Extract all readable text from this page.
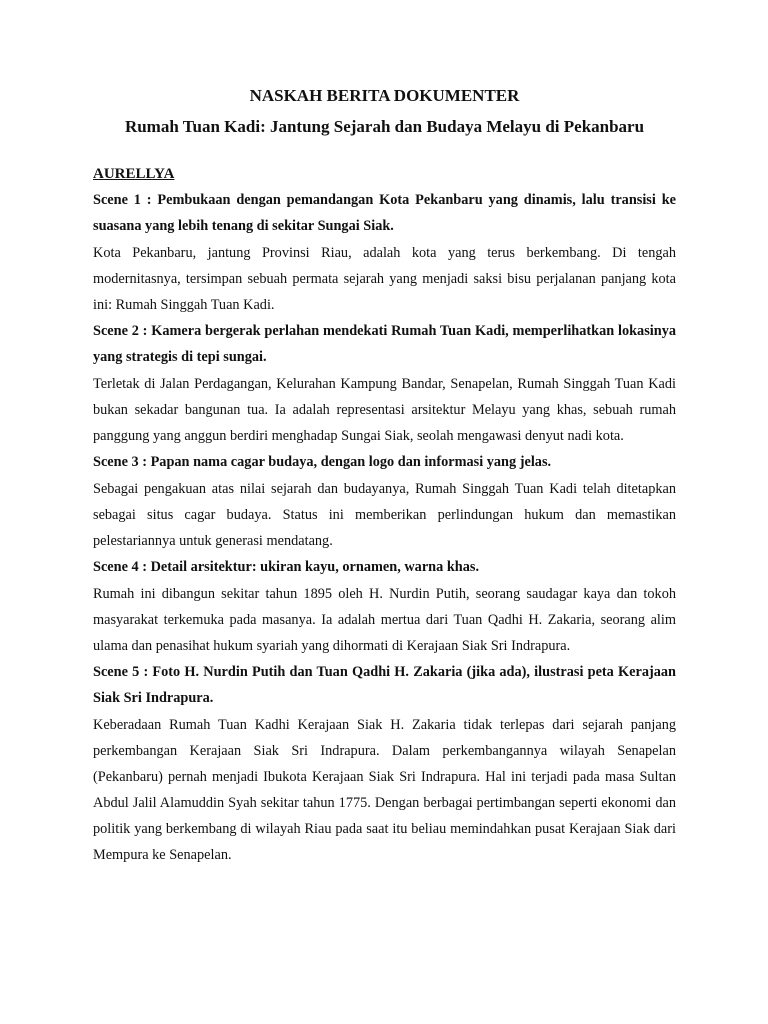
NASKAH BERITA DOKUMENTER
Rumah Tuan Kadi: Jantung Sejarah dan Budaya Melayu di Pekanbaru

AURELLYA

Scene 1 : Pembukaan dengan pemandangan Kota Pekanbaru yang dinamis, lalu transisi ke suasana yang lebih tenang di sekitar Sungai Siak.

Kota Pekanbaru, jantung Provinsi Riau, adalah kota yang terus berkembang. Di tengah modernitasnya, tersimpan sebuah permata sejarah yang menjadi saksi bisu perjalanan panjang kota ini: Rumah Singgah Tuan Kadi.

Scene 2 : Kamera bergerak perlahan mendekati Rumah Tuan Kadi, memperlihatkan lokasinya yang strategis di tepi sungai.

Terletak di Jalan Perdagangan, Kelurahan Kampung Bandar, Senapelan, Rumah Singgah Tuan Kadi bukan sekadar bangunan tua. Ia adalah representasi arsitektur Melayu yang khas, sebuah rumah panggung yang anggun berdiri menghadap Sungai Siak, seolah mengawasi denyut nadi kota.

Scene 3 : Papan nama cagar budaya, dengan logo dan informasi yang jelas.

Sebagai pengakuan atas nilai sejarah dan budayanya, Rumah Singgah Tuan Kadi telah ditetapkan sebagai situs cagar budaya. Status ini memberikan perlindungan hukum dan memastikan pelestariannya untuk generasi mendatang.

Scene 4 : Detail arsitektur: ukiran kayu, ornamen, warna khas.

Rumah ini dibangun sekitar tahun 1895 oleh H. Nurdin Putih, seorang saudagar kaya dan tokoh masyarakat terkemuka pada masanya. Ia adalah mertua dari Tuan Qadhi H. Zakaria, seorang alim ulama dan penasihat hukum syariah yang dihormati di Kerajaan Siak Sri Indrapura.

Scene 5 : Foto H. Nurdin Putih dan Tuan Qadhi H. Zakaria (jika ada), ilustrasi peta Kerajaan Siak Sri Indrapura.

Keberadaan Rumah Tuan Kadhi Kerajaan Siak H. Zakaria tidak terlepas dari sejarah panjang perkembangan Kerajaan Siak Sri Indrapura. Dalam perkembangannya wilayah Senapelan (Pekanbaru) pernah menjadi Ibukota Kerajaan Siak Sri Indrapura. Hal ini terjadi pada masa Sultan Abdul Jalil Alamuddin Syah sekitar tahun 1775. Dengan berbagai pertimbangan seperti ekonomi dan politik yang berkembang di wilayah Riau pada saat itu beliau memindahkan pusat Kerajaan Siak dari Mempura ke Senapelan.
